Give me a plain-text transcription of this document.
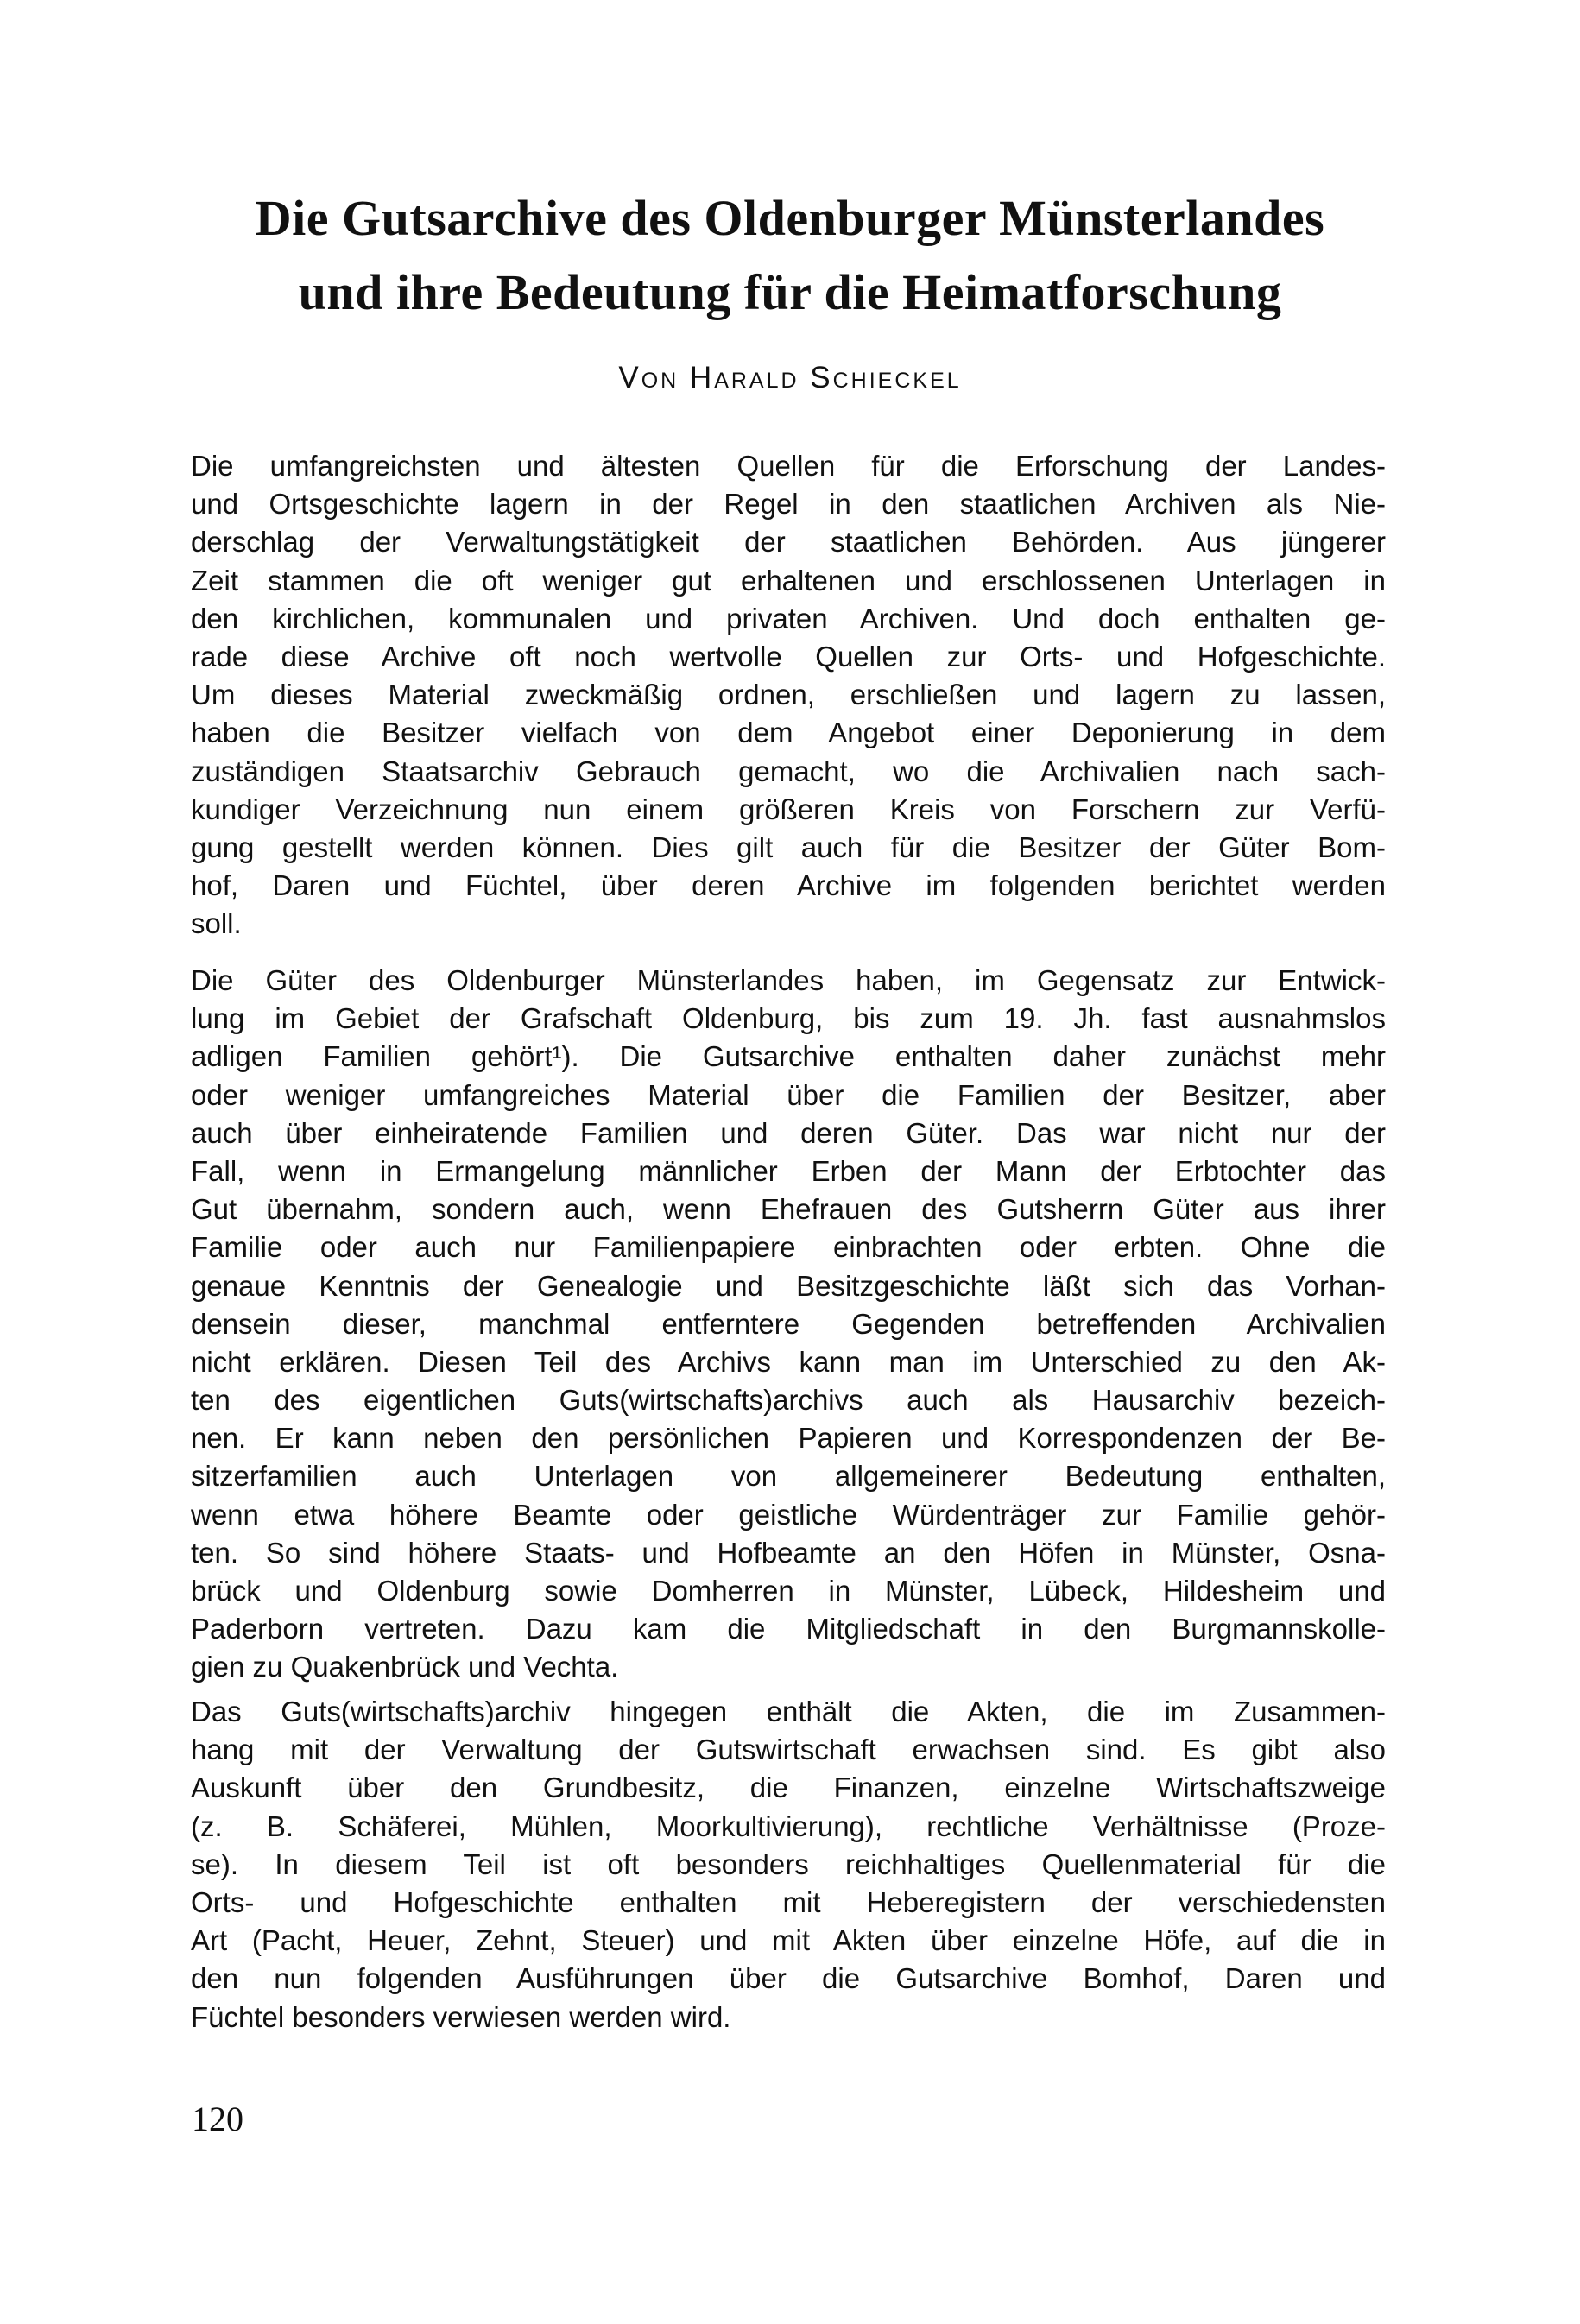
Die Gutsarchive des Oldenburger Münsterlandes
und ihre Bedeutung für die Heimatforschung
Von Harald Schieckel
Die umfangreichsten und ältesten Quellen für die Erforschung der Landes-
und Ortsgeschichte lagern in der Regel in den staatlichen Archiven als Nie-
derschlag der Verwaltungstätigkeit der staatlichen Behörden. Aus jüngerer
Zeit stammen die oft weniger gut erhaltenen und erschlossenen Unterlagen in
den kirchlichen, kommunalen und privaten Archiven. Und doch enthalten ge-
rade diese Archive oft noch wertvolle Quellen zur Orts- und Hofgeschichte.
Um dieses Material zweckmäßig ordnen, erschließen und lagern zu lassen,
haben die Besitzer vielfach von dem Angebot einer Deponierung in dem
zuständigen Staatsarchiv Gebrauch gemacht, wo die Archivalien nach sach-
kundiger Verzeichnung nun einem größeren Kreis von Forschern zur Verfü-
gung gestellt werden können. Dies gilt auch für die Besitzer der Güter Bom-
hof, Daren und Füchtel, über deren Archive im folgenden berichtet werden
soll.
Die Güter des Oldenburger Münsterlandes haben, im Gegensatz zur Entwick-
lung im Gebiet der Grafschaft Oldenburg, bis zum 19. Jh. fast ausnahmslos
adligen Familien gehört¹). Die Gutsarchive enthalten daher zunächst mehr
oder weniger umfangreiches Material über die Familien der Besitzer, aber
auch über einheiratende Familien und deren Güter. Das war nicht nur der
Fall, wenn in Ermangelung männlicher Erben der Mann der Erbtochter das
Gut übernahm, sondern auch, wenn Ehefrauen des Gutsherrn Güter aus ihrer
Familie oder auch nur Familienpapiere einbrachten oder erbten. Ohne die
genaue Kenntnis der Genealogie und Besitzgeschichte läßt sich das Vorhan-
densein dieser, manchmal entferntere Gegenden betreffenden Archivalien
nicht erklären. Diesen Teil des Archivs kann man im Unterschied zu den Ak-
ten des eigentlichen Guts(wirtschafts)archivs auch als Hausarchiv bezeich-
nen. Er kann neben den persönlichen Papieren und Korrespondenzen der Be-
sitzerfamilien auch Unterlagen von allgemeinerer Bedeutung enthalten,
wenn etwa höhere Beamte oder geistliche Würdenträger zur Familie gehör-
ten. So sind höhere Staats- und Hofbeamte an den Höfen in Münster, Osna-
brück und Oldenburg sowie Domherren in Münster, Lübeck, Hildesheim und
Paderborn vertreten. Dazu kam die Mitgliedschaft in den Burgmannskolle-
gien zu Quakenbrück und Vechta.
Das Guts(wirtschafts)archiv hingegen enthält die Akten, die im Zusammen-
hang mit der Verwaltung der Gutswirtschaft erwachsen sind. Es gibt also
Auskunft über den Grundbesitz, die Finanzen, einzelne Wirtschaftszweige
(z. B. Schäferei, Mühlen, Moorkultivierung), rechtliche Verhältnisse (Proze-
se). In diesem Teil ist oft besonders reichhaltiges Quellenmaterial für die
Orts- und Hofgeschichte enthalten mit Heberegistern der verschiedensten
Art (Pacht, Heuer, Zehnt, Steuer) und mit Akten über einzelne Höfe, auf die in
den nun folgenden Ausführungen über die Gutsarchive Bomhof, Daren und
Füchtel besonders verwiesen werden wird.
120
